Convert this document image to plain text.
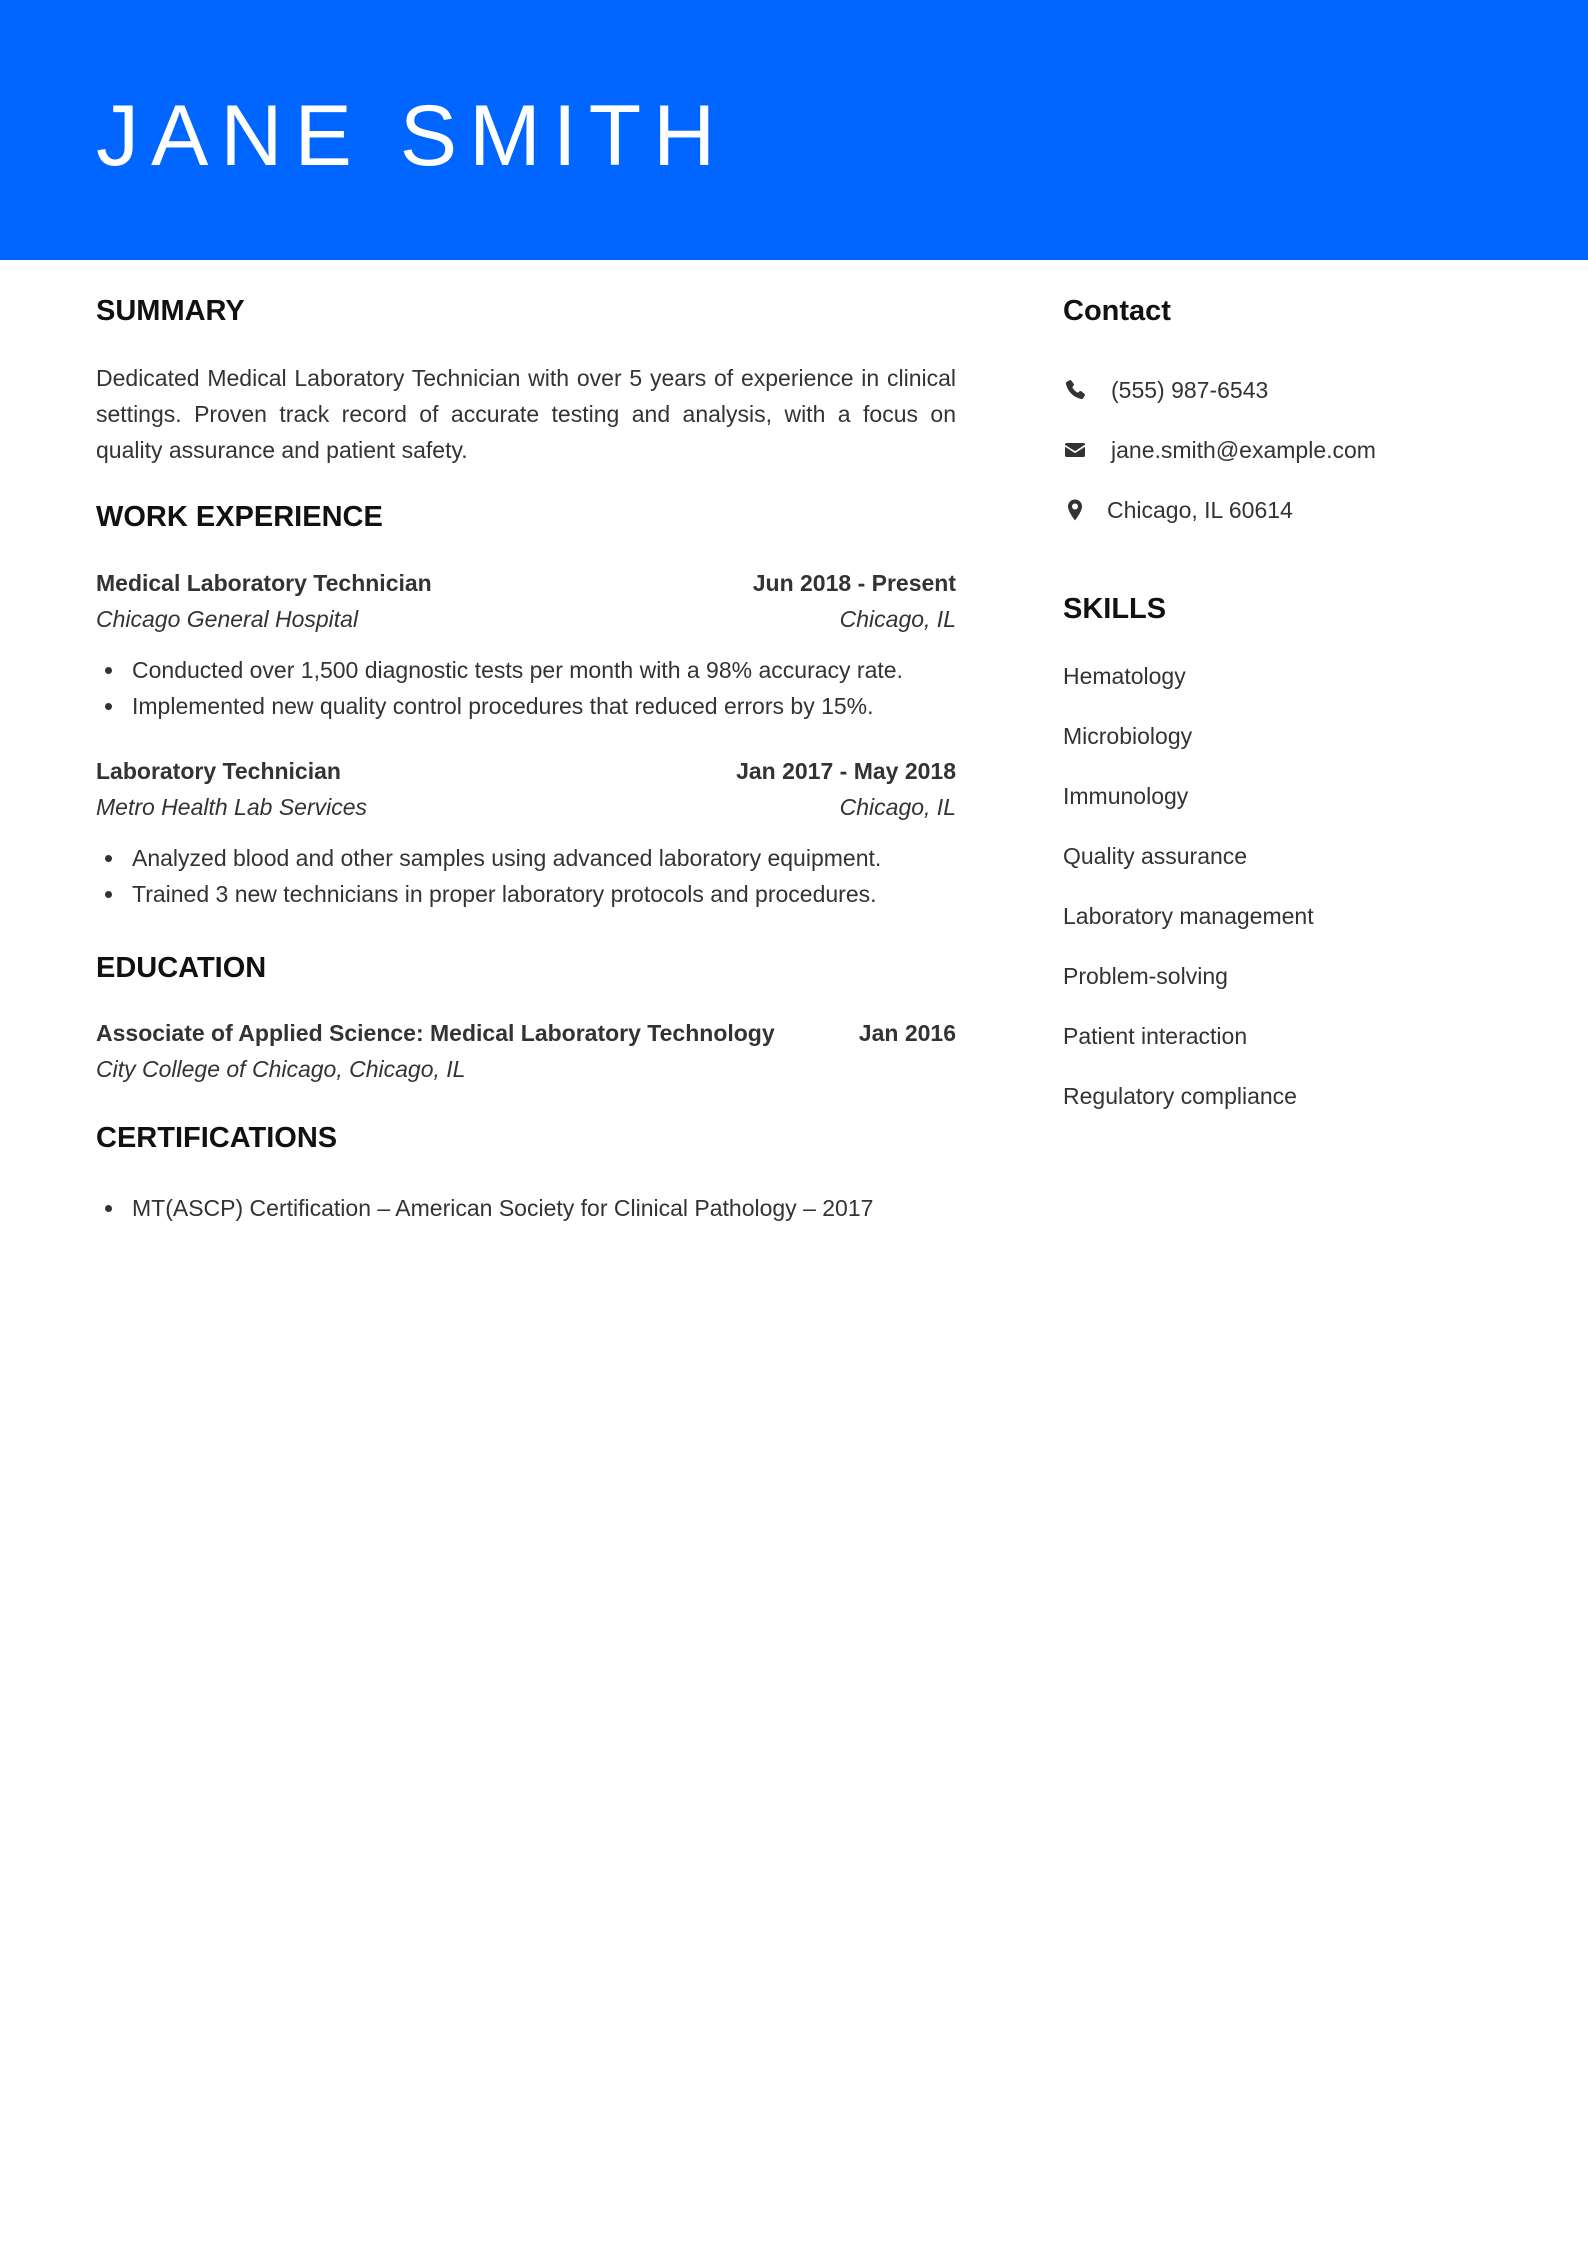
JANE SMITH
SUMMARY

Dedicated Medical Laboratory Technician with over 5 years of experience in clinical settings. Proven track record of accurate testing and analysis, with a focus on quality assurance and patient safety.

WORK EXPERIENCE
Medical Laboratory Technician	Jun 2018 - Present
Chicago General Hospital	Chicago, IL
Conducted over 1,500 diagnostic tests per month with a 98% accuracy rate.
Implemented new quality control procedures that reduced errors by 15%.
Laboratory Technician	Jan 2017 - May 2018
Metro Health Lab Services	Chicago, IL
Analyzed blood and other samples using advanced laboratory equipment.
Trained 3 new technicians in proper laboratory protocols and procedures.
EDUCATION
Associate of Applied Science: Medical Laboratory Technology	Jan 2016
City College of Chicago, Chicago, IL
CERTIFICATIONS
MT(ASCP) Certification – American Society for Clinical Pathology – 2017
Contact
(555) 987-6543
jane.smith@example.com
Chicago, IL 60614
SKILLS
Hematology
Microbiology
Immunology
Quality assurance
Laboratory management
Problem-solving
Patient interaction
Regulatory compliance
